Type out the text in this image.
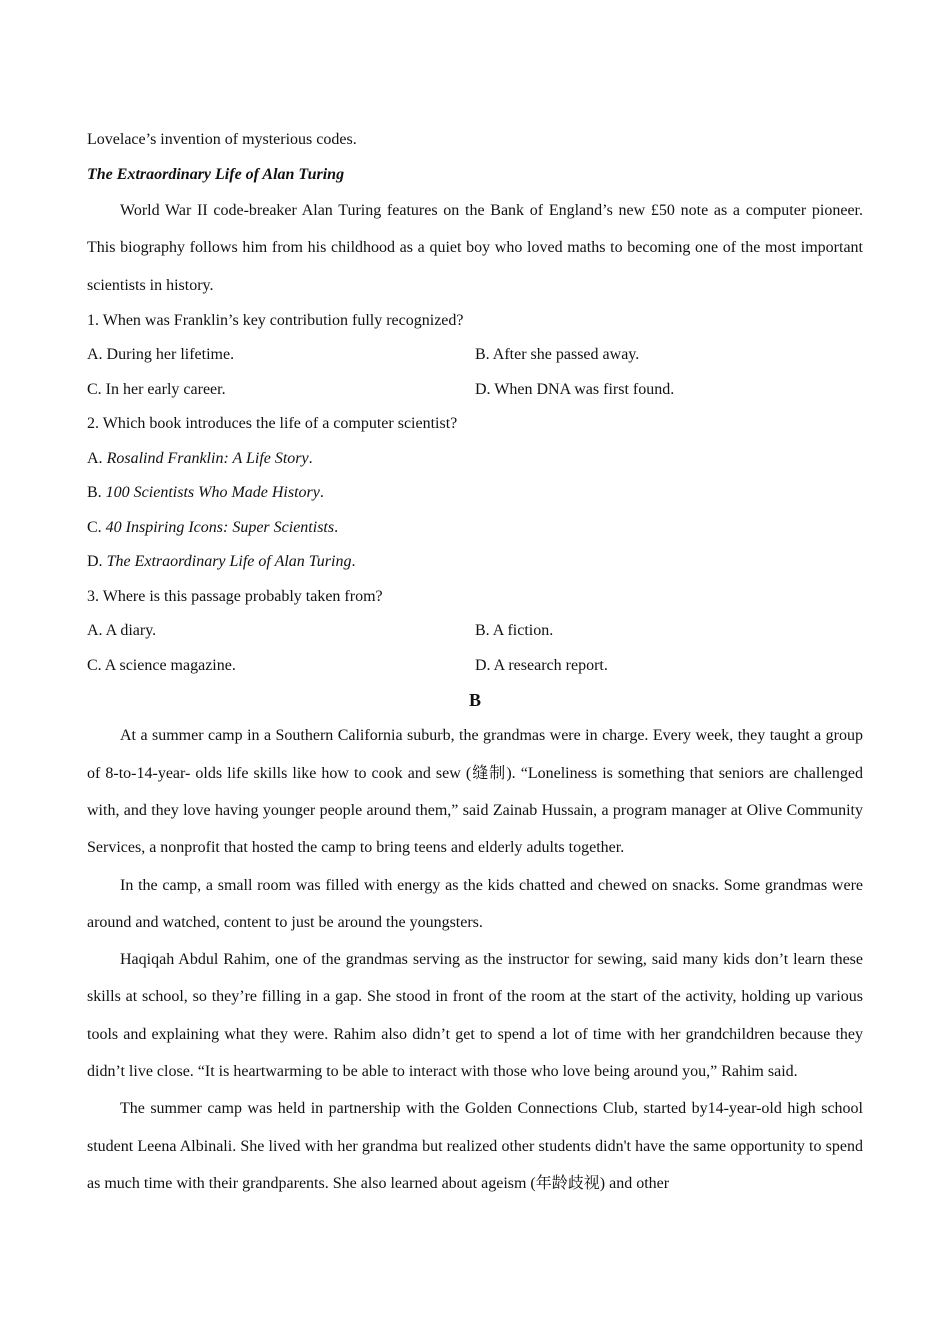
Lovelace’s invention of mysterious codes.

The Extraordinary Life of Alan Turing

World War II code-breaker Alan Turing features on the Bank of England’s new £50 note as a computer pioneer. This biography follows him from his childhood as a quiet boy who loved maths to becoming one of the most important scientists in history.

1. When was Franklin’s key contribution fully recognized?

A. During her lifetime.	B. After she passed away.
C. In her early career.	D. When DNA was first found.

2. Which book introduces the life of a computer scientist?

A. Rosalind Franklin: A Life Story.

B. 100 Scientists Who Made History.

C. 40 Inspiring Icons: Super Scientists.

D. The Extraordinary Life of Alan Turing.

3. Where is this passage probably taken from?

A. A diary.	B. A fiction.
C. A science magazine.	D. A research report.

B

At a summer camp in a Southern California suburb, the grandmas were in charge. Every week, they taught a group of 8-to-14-year- olds life skills like how to cook and sew (缝制). “Loneliness is something that seniors are challenged with, and they love having younger people around them,” said Zainab Hussain, a program manager at Olive Community Services, a nonprofit that hosted the camp to bring teens and elderly adults together.

In the camp, a small room was filled with energy as the kids chatted and chewed on snacks. Some grandmas were around and watched, content to just be around the youngsters.

Haqiqah Abdul Rahim, one of the grandmas serving as the instructor for sewing, said many kids don’t learn these skills at school, so they’re filling in a gap. She stood in front of the room at the start of the activity, holding up various tools and explaining what they were. Rahim also didn’t get to spend a lot of time with her grandchildren because they didn’t live close. “It is heartwarming to be able to interact with those who love being around you,” Rahim said.

The summer camp was held in partnership with the Golden Connections Club, started by14-year-old high school student Leena Albinali. She lived with her grandma but realized other students didn't have the same opportunity to spend as much time with their grandparents. She also learned about ageism (年龄歧视) and other
